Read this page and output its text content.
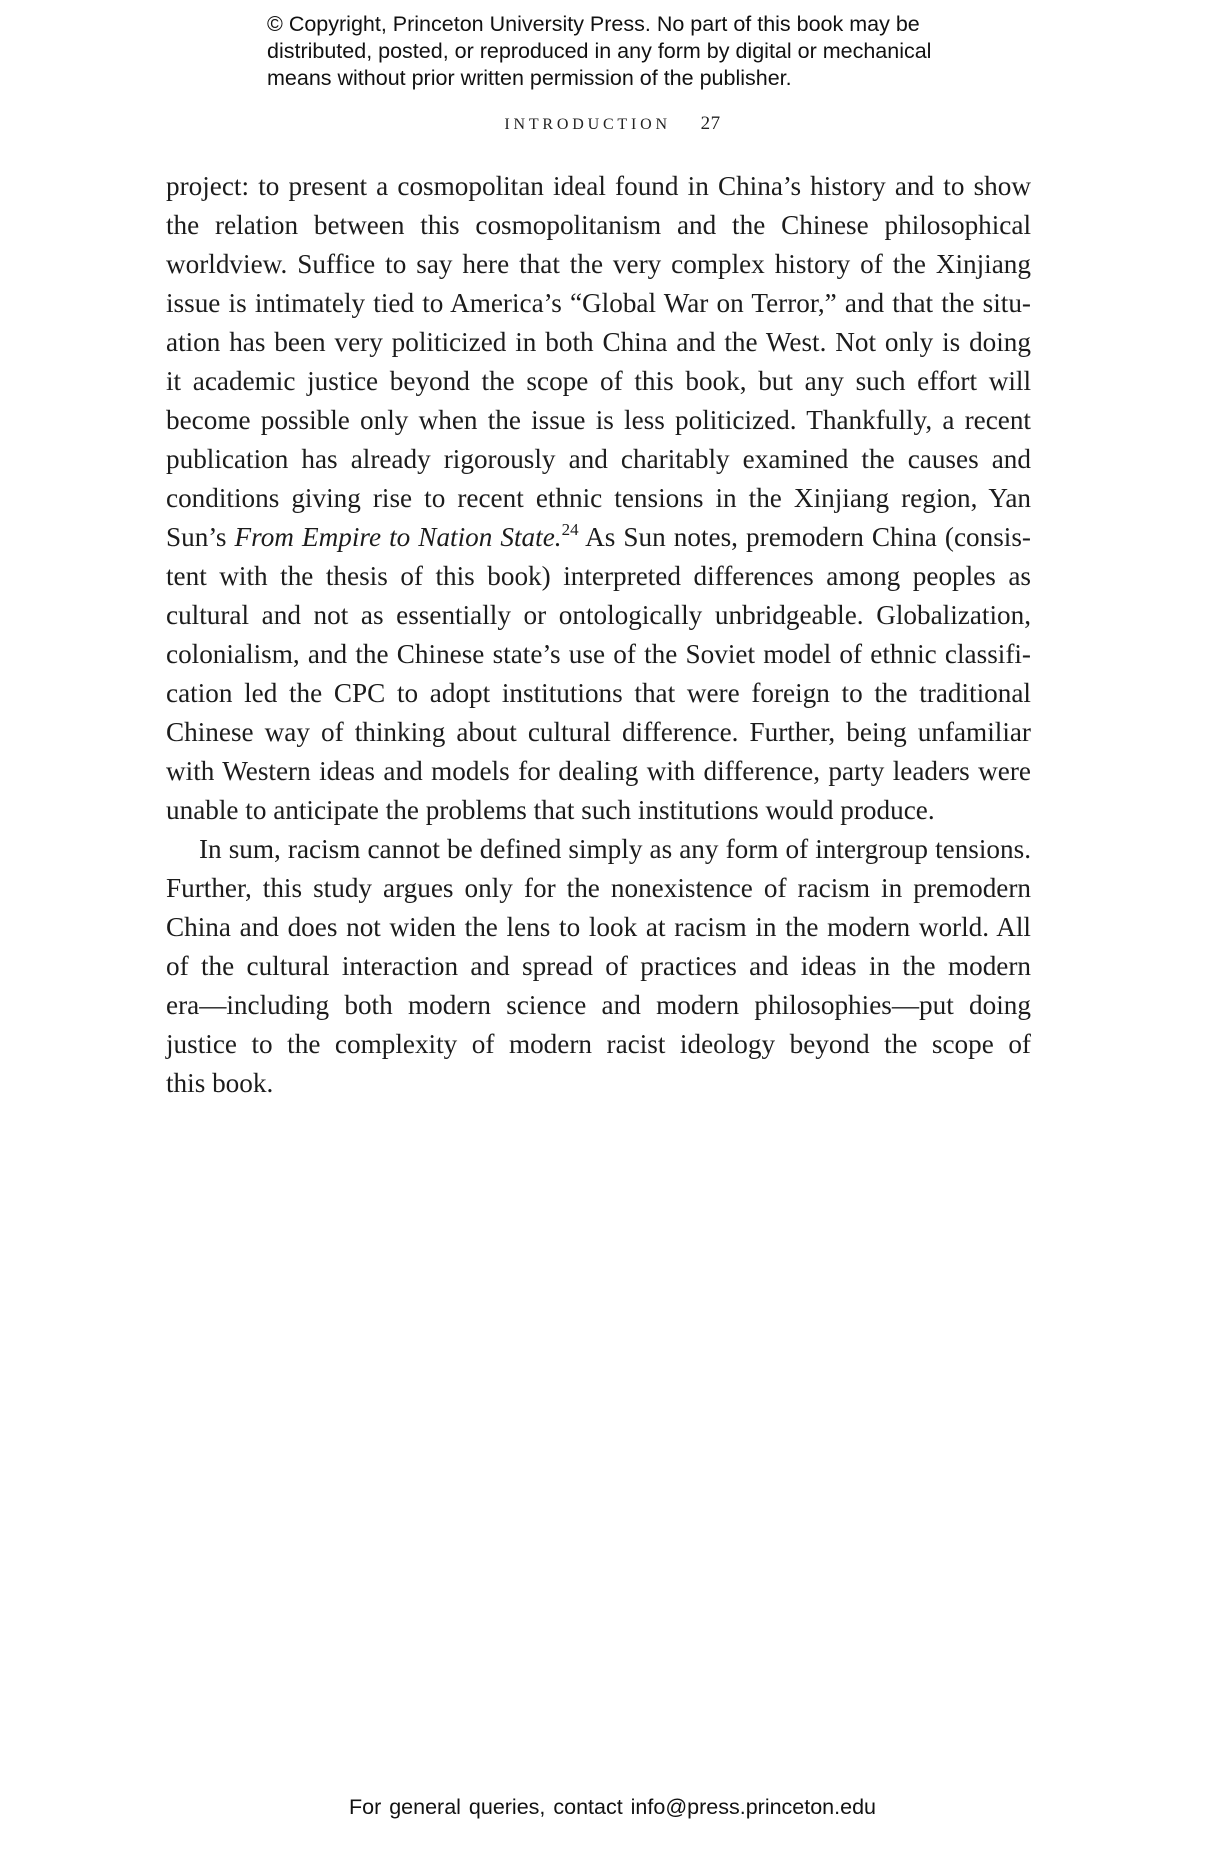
© Copyright, Princeton University Press. No part of this book may be
distributed, posted, or reproduced in any form by digital or mechanical
means without prior written permission of the publisher.
INTRODUCTION 27
project: to present a cosmopolitan ideal found in China’s history and to show
the relation between this cosmopolitanism and the Chinese philosophical
worldview. Suffice to say here that the very complex history of the Xinjiang
issue is intimately tied to America’s “Global War on Terror,” and that the situ-
ation has been very politicized in both China and the West. Not only is doing
it academic justice beyond the scope of this book, but any such effort will
become possible only when the issue is less politicized. Thankfully, a recent
publication has already rigorously and charitably examined the causes and
conditions giving rise to recent ethnic tensions in the Xinjiang region, Yan
Sun’s From Empire to Nation State.$^{24}$ As Sun notes, premodern China (consis-
tent with the thesis of this book) interpreted differences among peoples as
cultural and not as essentially or ontologically unbridgeable. Globalization,
colonialism, and the Chinese state’s use of the Soviet model of ethnic classifi-
cation led the CPC to adopt institutions that were foreign to the traditional
Chinese way of thinking about cultural difference. Further, being unfamiliar
with Western ideas and models for dealing with difference, party leaders were
unable to anticipate the problems that such institutions would produce.
In sum, racism cannot be defined simply as any form of intergroup tensions.
Further, this study argues only for the nonexistence of racism in premodern
China and does not widen the lens to look at racism in the modern world. All
of the cultural interaction and spread of practices and ideas in the modern
era—including both modern science and modern philosophies—put doing
justice to the complexity of modern racist ideology beyond the scope of
this book.
For general queries, contact info@press.princeton.edu
